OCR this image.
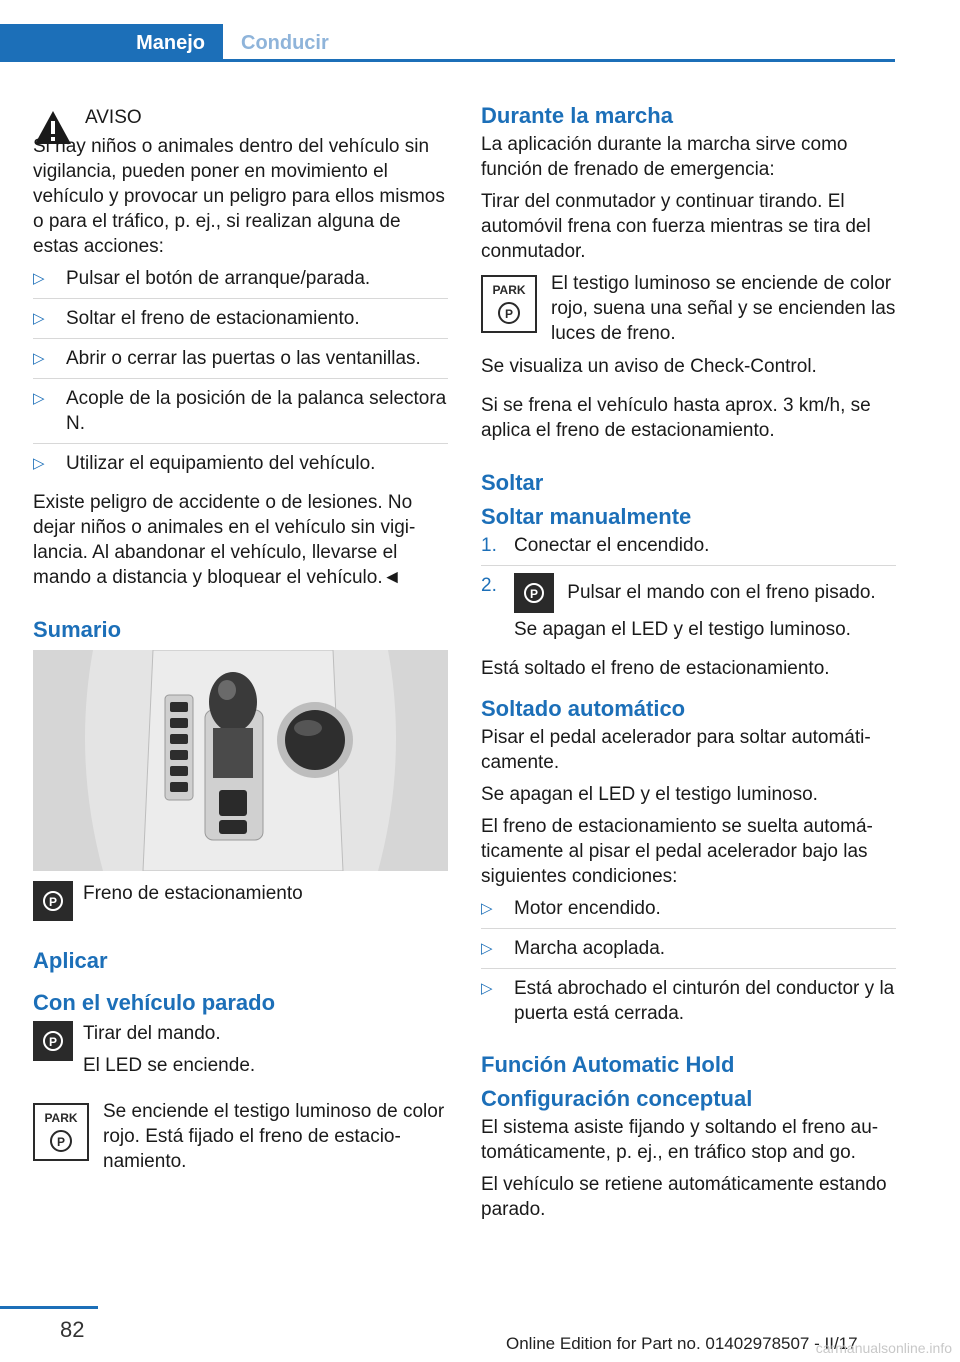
Manejo	Conducir
AVISO

Si hay niños o animales dentro del vehículo sin vigilancia, pueden poner en movimiento el vehículo y provocar un peligro para ellos mismos o para el tráfico, p. ej., si realizan alguna de estas acciones:

▷ Pulsar el botón de arranque/parada.
▷ Soltar el freno de estacionamiento.
▷ Abrir o cerrar las puertas o las ventanillas.
▷ Acople de la posición de la palanca selectora N.
▷ Utilizar el equipamiento del vehículo.

Existe peligro de accidente o de lesiones. No dejar niños o animales en el vehículo sin vigilancia. Al abandonar el vehículo, llevarse el mando a distancia y bloquear el vehículo.◄

Sumario
P Freno de estacionamiento
Aplicar
Con el vehículo parado
P Tirar del mando.

El LED se enciende.

PARK
P
Se enciende el testigo luminoso de color rojo. Está fijado el freno de estacionamiento.
Durante la marcha

La aplicación durante la marcha sirve como función de frenado de emergencia:

Tirar del conmutador y continuar tirando. El automóvil frena con fuerza mientras se tira del conmutador.

PARK
P
El testigo luminoso se enciende de color rojo, suena una señal y se encienden las luces de freno.

Se visualiza un aviso de Check-Control.

Si se frena el vehículo hasta aprox. 3 km/h, se aplica el freno de estacionamiento.

Soltar
Soltar manualmente
1. Conectar el encendido.
2.	P Pulsar el mando con el freno pisado.
Se apagan el LED y el testigo luminoso.

Está soltado el freno de estacionamiento.

Soltado automático

Pisar el pedal acelerador para soltar automáticamente.

Se apagan el LED y el testigo luminoso.

El freno de estacionamiento se suelta automáticamente al pisar el pedal acelerador bajo las siguientes condiciones:

▷ Motor encendido.
▷ Marcha acoplada.
▷ Está abrochado el cinturón del conductor y la puerta está cerrada.
Función Automatic Hold
Configuración conceptual

El sistema asiste fijando y soltando el freno automáticamente, p. ej., en tráfico stop and go.

El vehículo se retiene automáticamente estando parado.

82
Online Edition for Part no. 01402978507 - II/17
carmanualsonline.info
